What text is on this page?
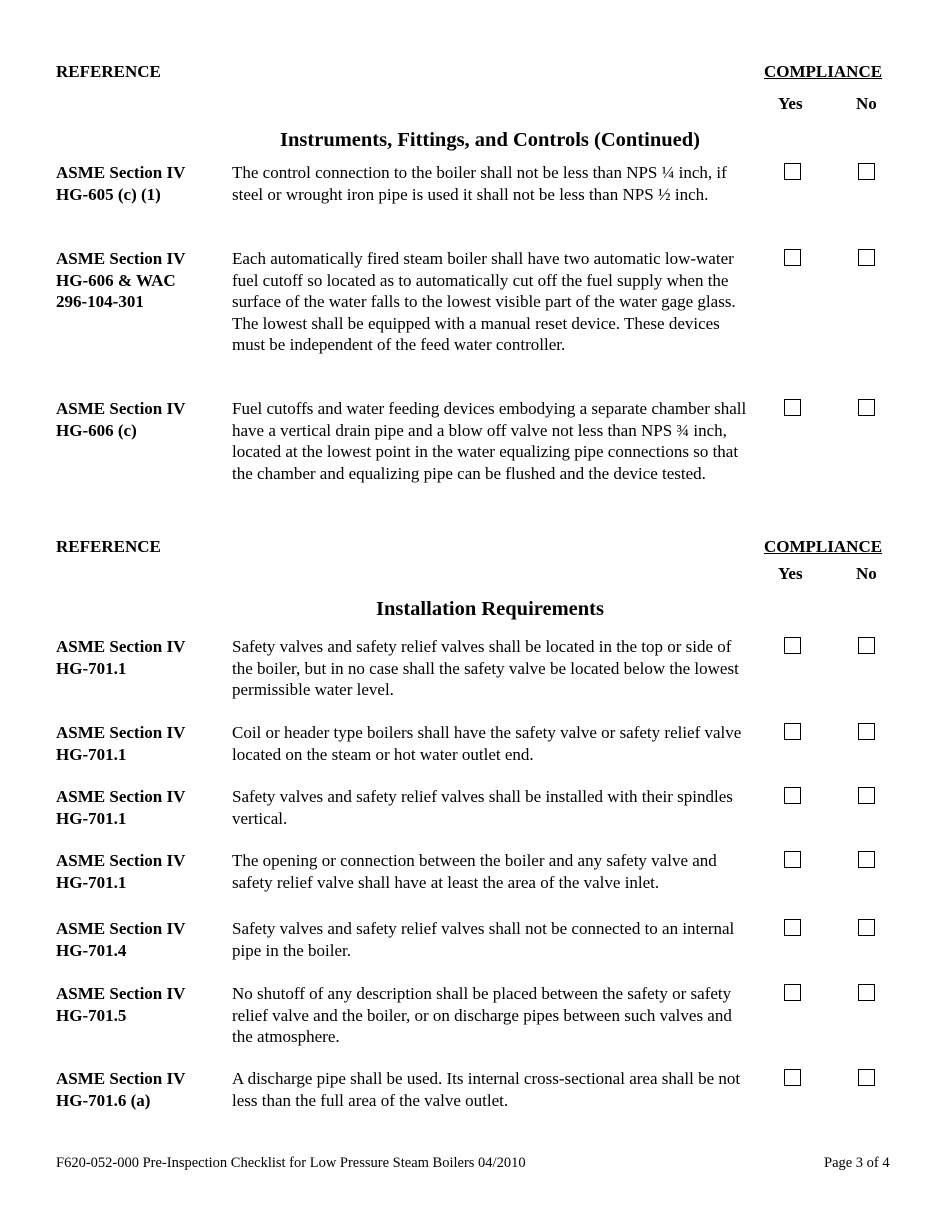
REFERENCE	COMPLIANCE
Yes	No
Instruments, Fittings, and Controls (Continued)
ASME Section IV
HG-605 (c) (1)
The control connection to the boiler shall not be less than NPS ¼ inch, if steel or wrought iron pipe is used it shall not be less than NPS ½ inch.
ASME Section IV
HG-606 & WAC
296-104-301
Each automatically fired steam boiler shall have two automatic low-water fuel cutoff so located as to automatically cut off the fuel supply when the surface of the water falls to the lowest visible part of the water gage glass. The lowest shall be equipped with a manual reset device. These devices must be independent of the feed water controller.
ASME Section IV
HG-606 (c)
Fuel cutoffs and water feeding devices embodying a separate chamber shall have a vertical drain pipe and a blow off valve not less than NPS ¾ inch, located at the lowest point in the water equalizing pipe connections so that the chamber and equalizing pipe can be flushed and the device tested.
REFERENCE	COMPLIANCE
Yes	No
Installation Requirements
ASME Section IV
HG-701.1
Safety valves and safety relief valves shall be located in the top or side of the boiler, but in no case shall the safety valve be located below the lowest permissible water level.
ASME Section IV
HG-701.1
Coil or header type boilers shall have the safety valve or safety relief valve located on the steam or hot water outlet end.
ASME Section IV
HG-701.1
Safety valves and safety relief valves shall be installed with their spindles vertical.
ASME Section IV
HG-701.1
The opening or connection between the boiler and any safety valve and safety relief valve shall have at least the area of the valve inlet.
ASME Section IV
HG-701.4
Safety valves and safety relief valves shall not be connected to an internal pipe in the boiler.
ASME Section IV
HG-701.5
No shutoff of any description shall be placed between the safety or safety relief valve and the boiler, or on discharge pipes between such valves and the atmosphere.
ASME Section IV
HG-701.6 (a)
A discharge pipe shall be used. Its internal cross-sectional area shall be not less than the full area of the valve outlet.
F620-052-000 Pre-Inspection Checklist for Low Pressure Steam Boilers 04/2010	Page 3 of 4
